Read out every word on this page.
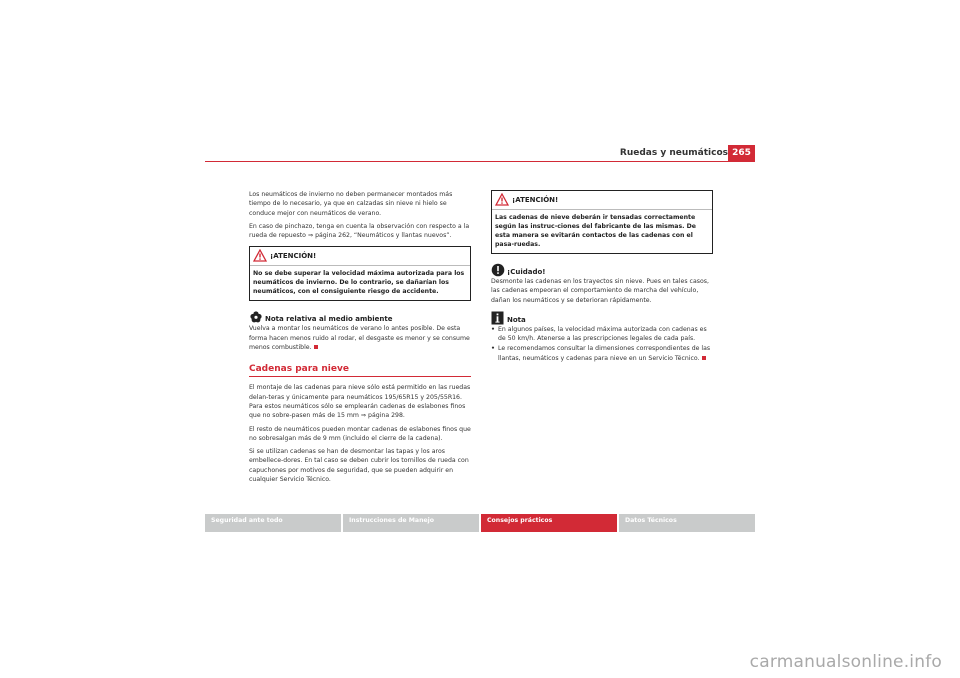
Ruedas y neumáticos 265

Los neumáticos de invierno no deben permanecer montados más tiempo de lo necesario, ya que en calzadas sin nieve ni hielo se conduce mejor con neumáticos de verano.

En caso de pinchazo, tenga en cuenta la observación con respecto a la rueda de repuesto ⇒ página 262, “Neumáticos y llantas nuevos”.

¡ATENCIÓN!
No se debe superar la velocidad máxima autorizada para los neumáticos de invierno. De lo contrario, se dañarían los neumáticos, con el consiguiente riesgo de accidente.
Nota relativa al medio ambiente

Vuelva a montar los neumáticos de verano lo antes posible. De esta forma hacen menos ruido al rodar, el desgaste es menor y se consume menos combustible.

Cadenas para nieve

El montaje de las cadenas para nieve sólo está permitido en las ruedas delan-teras y únicamente para neumáticos 195/65R15 y 205/55R16. Para estos neumáticos sólo se emplearán cadenas de eslabones finos que no sobre-pasen más de 15 mm ⇒ página 298.

El resto de neumáticos pueden montar cadenas de eslabones finos que no sobresalgan más de 9 mm (incluido el cierre de la cadena).

Si se utilizan cadenas se han de desmontar las tapas y los aros embellece-dores. En tal caso se deben cubrir los tornillos de rueda con capuchones por motivos de seguridad, que se pueden adquirir en cualquier Servicio Técnico.

¡ATENCIÓN!
Las cadenas de nieve deberán ir tensadas correctamente según las instruc-ciones del fabricante de las mismas. De esta manera se evitarán contactos de las cadenas con el pasa-ruedas.
¡Cuidado!

Desmonte las cadenas en los trayectos sin nieve. Pues en tales casos, las cadenas empeoran el comportamiento de marcha del vehículo, dañan los neumáticos y se deterioran rápidamente.

Nota
• En algunos países, la velocidad máxima autorizada con cadenas es de 50 km/h. Atenerse a las prescripciones legales de cada país.
• Le recomendamos consultar la dimensiones correspondientes de las llantas, neumáticos y cadenas para nieve en un Servicio Técnico.
Seguridad ante todo	Instrucciones de Manejo	Consejos prácticos	Datos Técnicos
carmanualsonline.info
